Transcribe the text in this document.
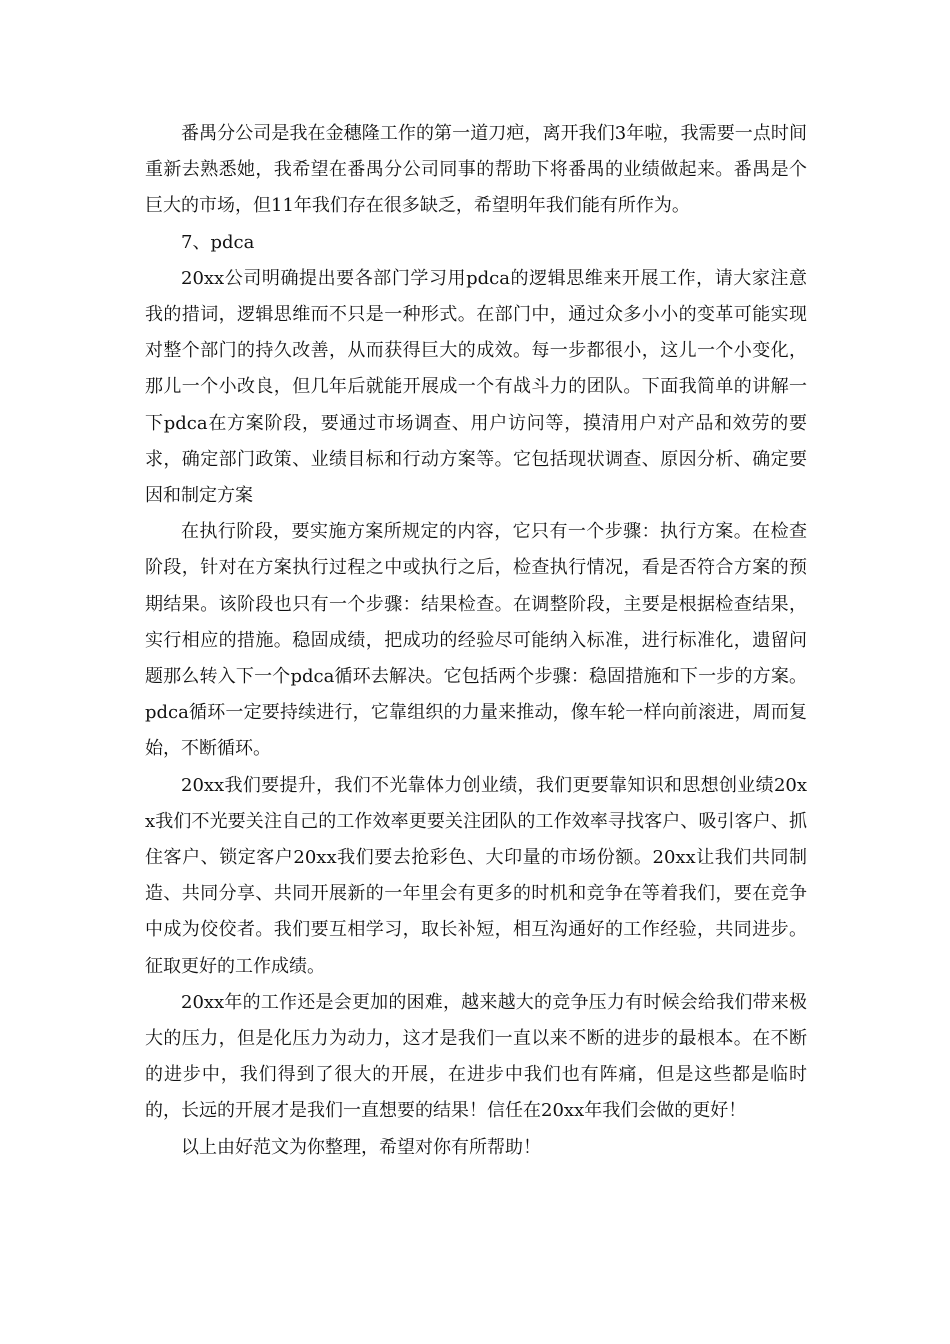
番禺分公司是我在金穗隆工作的第一道刀疤，离开我们3年啦，我需要一点时间重新去熟悉她，我希望在番禺分公司同事的帮助下将番禺的业绩做起来。番禺是个巨大的市场，但11年我们存在很多缺乏，希望明年我们能有所作为。

7、pdca

20xx公司明确提出要各部门学习用pdca的逻辑思维来开展工作，请大家注意我的措词，逻辑思维而不只是一种形式。在部门中，通过众多小小的变革可能实现对整个部门的持久改善，从而获得巨大的成效。每一步都很小，这儿一个小变化，那儿一个小改良，但几年后就能开展成一个有战斗力的团队。下面我简单的讲解一下pdca在方案阶段，要通过市场调查、用户访问等，摸清用户对产品和效劳的要求，确定部门政策、业绩目标和行动方案等。它包括现状调查、原因分析、确定要因和制定方案

在执行阶段，要实施方案所规定的内容，它只有一个步骤：执行方案。在检查阶段，针对在方案执行过程之中或执行之后，检查执行情况，看是否符合方案的预期结果。该阶段也只有一个步骤：结果检查。在调整阶段，主要是根据检查结果，实行相应的措施。稳固成绩，把成功的经验尽可能纳入标准，进行标准化，遗留问题那么转入下一个pdca循环去解决。它包括两个步骤：稳固措施和下一步的方案。pdca循环一定要持续进行，它靠组织的力量来推动，像车轮一样向前滚进，周而复始，不断循环。

20xx我们要提升，我们不光靠体力创业绩，我们更要靠知识和思想创业绩20xx我们不光要关注自己的工作效率更要关注团队的工作效率寻找客户、吸引客户、抓住客户、锁定客户20xx我们要去抢彩色、大印量的市场份额。20xx让我们共同制造、共同分享、共同开展新的一年里会有更多的时机和竞争在等着我们，要在竞争中成为佼佼者。我们要互相学习，取长补短，相互沟通好的工作经验，共同进步。征取更好的工作成绩。

20xx年的工作还是会更加的困难，越来越大的竞争压力有时候会给我们带来极大的压力，但是化压力为动力，这才是我们一直以来不断的进步的最根本。在不断的进步中，我们得到了很大的开展，在进步中我们也有阵痛，但是这些都是临时的，长远的开展才是我们一直想要的结果！信任在20xx年我们会做的更好！

以上由好范文为你整理，希望对你有所帮助！
